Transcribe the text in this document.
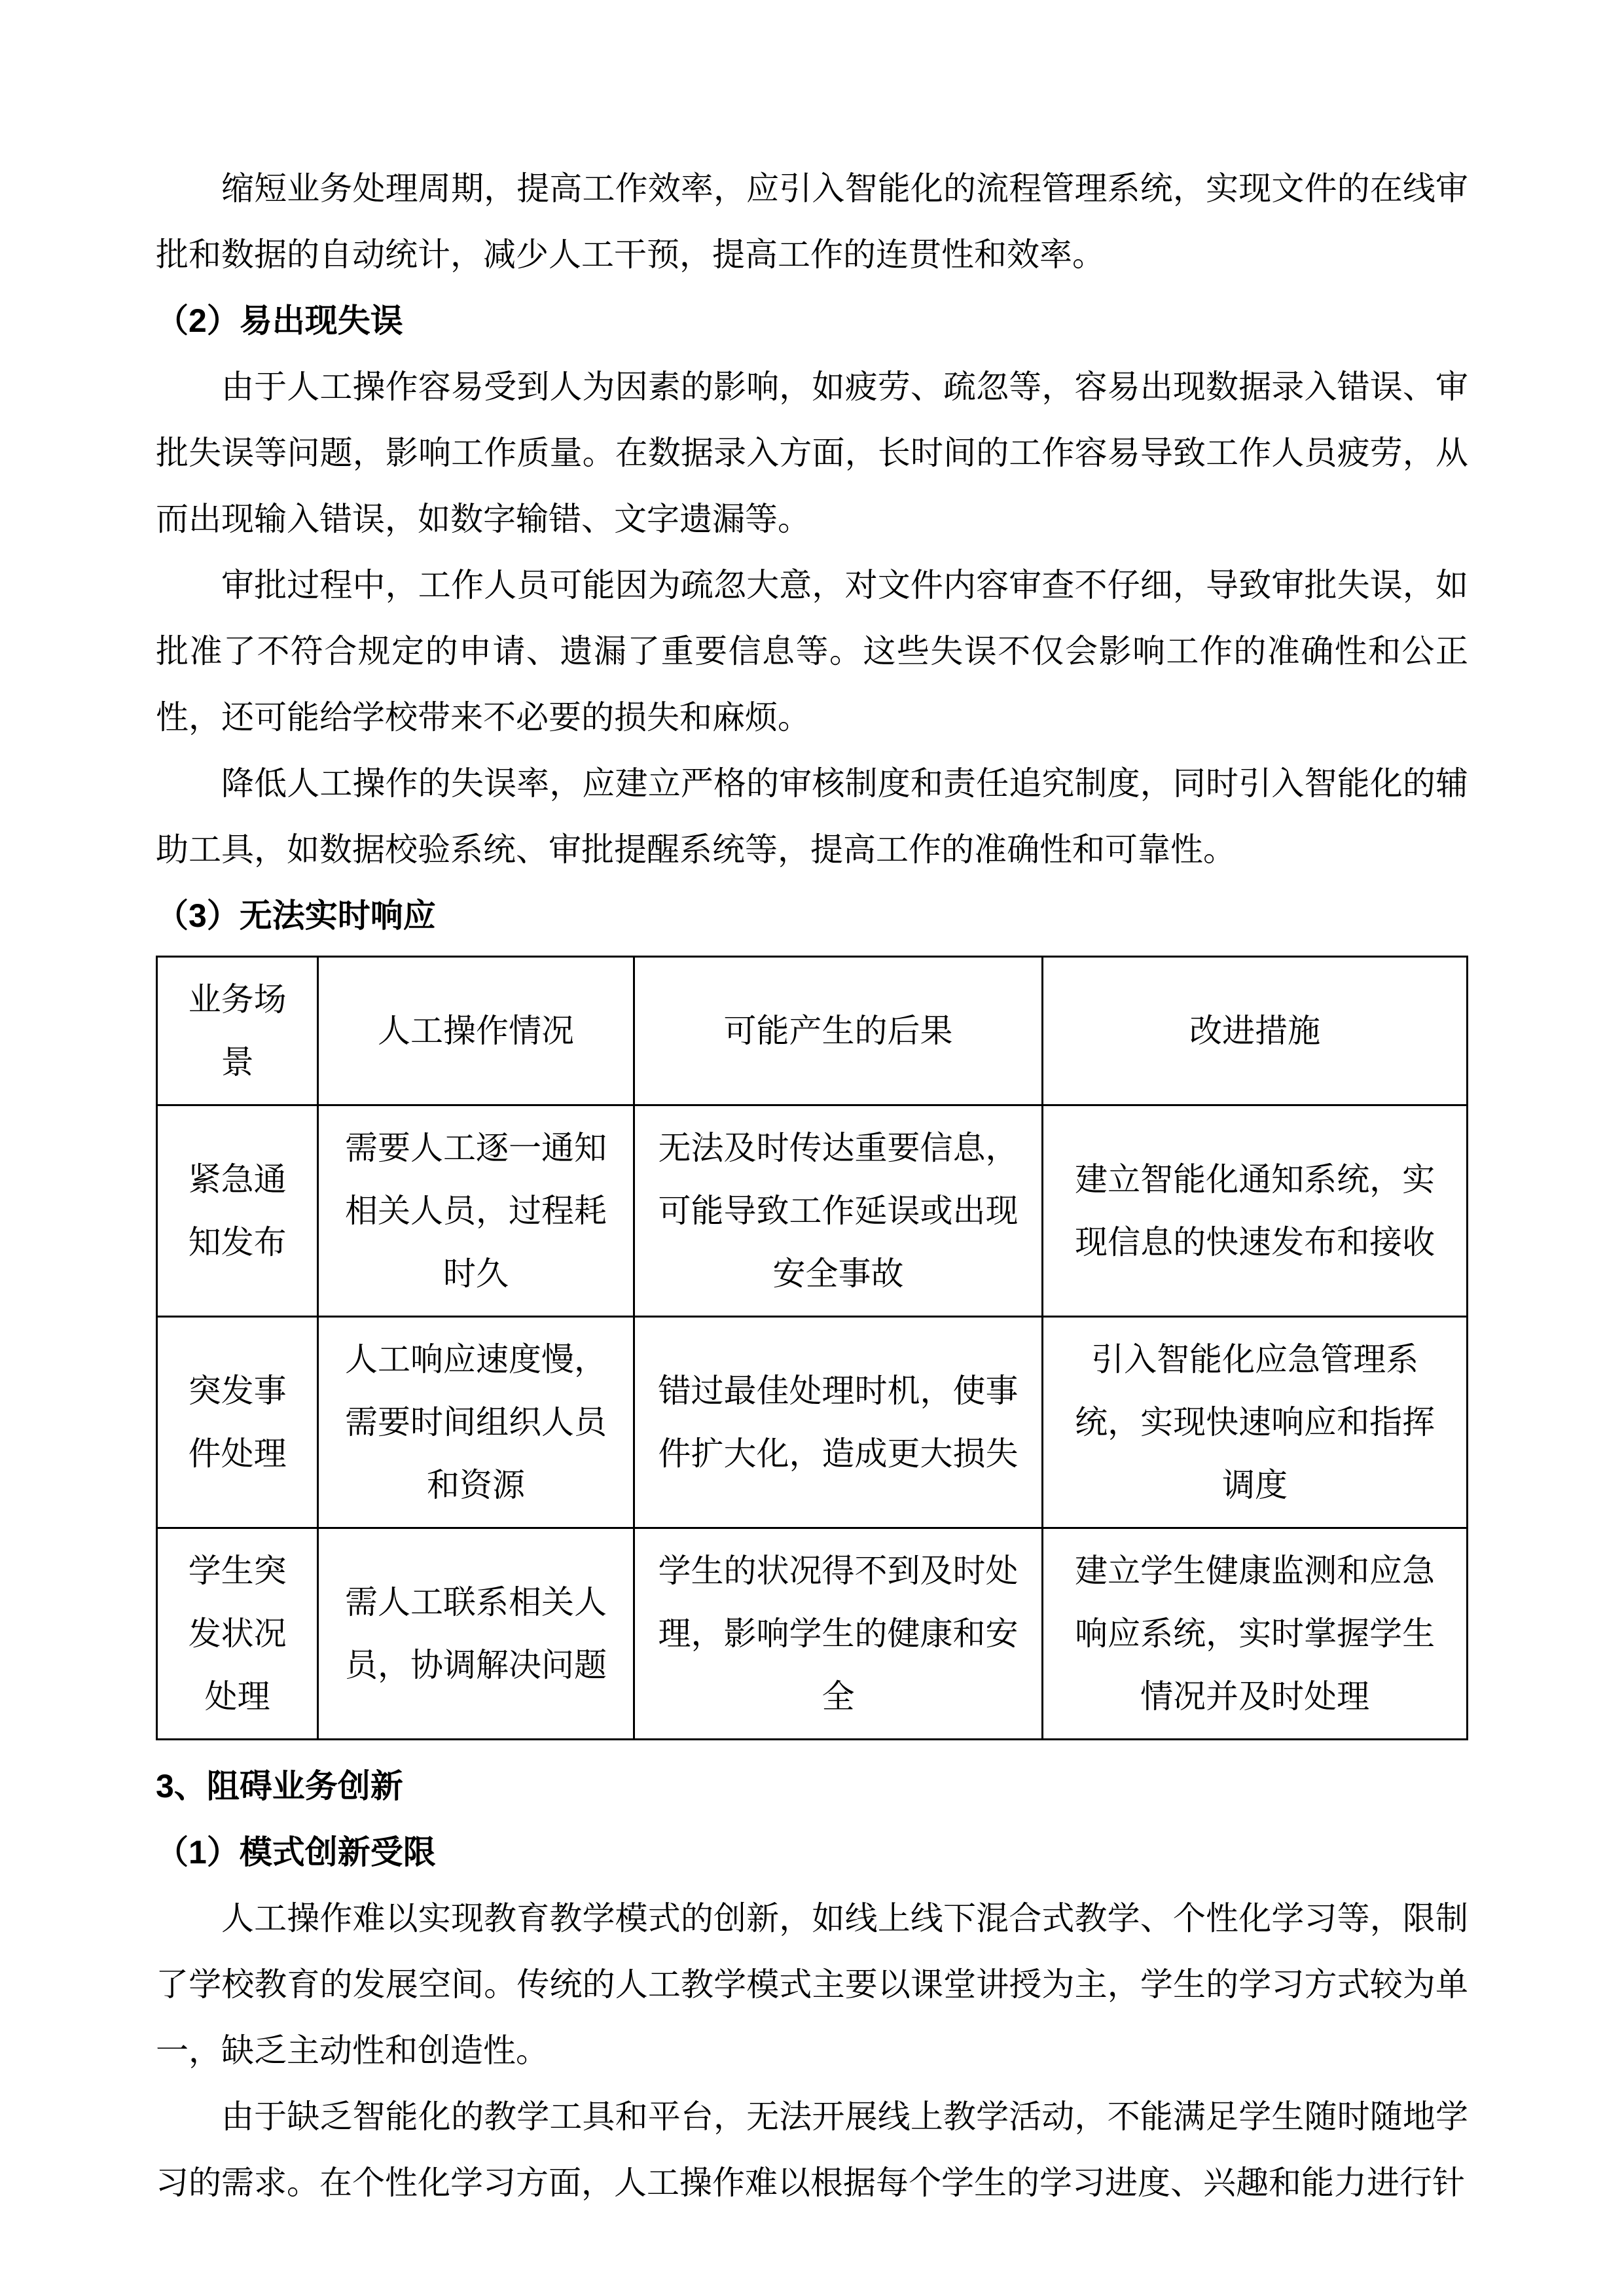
缩短业务处理周期，提高工作效率，应引入智能化的流程管理系统，实现文件的在线审批和数据的自动统计，减少人工干预，提高工作的连贯性和效率。

（2）易出现失误

由于人工操作容易受到人为因素的影响，如疲劳、疏忽等，容易出现数据录入错误、审批失误等问题，影响工作质量。在数据录入方面，长时间的工作容易导致工作人员疲劳，从而出现输入错误，如数字输错、文字遗漏等。

审批过程中，工作人员可能因为疏忽大意，对文件内容审查不仔细，导致审批失误，如批准了不符合规定的申请、遗漏了重要信息等。这些失误不仅会影响工作的准确性和公正性，还可能给学校带来不必要的损失和麻烦。

降低人工操作的失误率，应建立严格的审核制度和责任追究制度，同时引入智能化的辅助工具，如数据校验系统、审批提醒系统等，提高工作的准确性和可靠性。

（3）无法实时响应

业务场景	人工操作情况	可能产生的后果	改进措施
紧急通知发布	需要人工逐一通知相关人员，过程耗时久	无法及时传达重要信息，可能导致工作延误或出现安全事故	建立智能化通知系统，实现信息的快速发布和接收
突发事件处理	人工响应速度慢，需要时间组织人员和资源	错过最佳处理时机，使事件扩大化，造成更大损失	引入智能化应急管理系统，实现快速响应和指挥调度
学生突发状况处理	需人工联系相关人员，协调解决问题	学生的状况得不到及时处理，影响学生的健康和安全	建立学生健康监测和应急响应系统，实时掌握学生情况并及时处理

3、阻碍业务创新

（1）模式创新受限

人工操作难以实现教育教学模式的创新，如线上线下混合式教学、个性化学习等，限制了学校教育的发展空间。传统的人工教学模式主要以课堂讲授为主，学生的学习方式较为单一，缺乏主动性和创造性。

由于缺乏智能化的教学工具和平台，无法开展线上教学活动，不能满足学生随时随地学习的需求。在个性化学习方面，人工操作难以根据每个学生的学习进度、兴趣和能力进行针
